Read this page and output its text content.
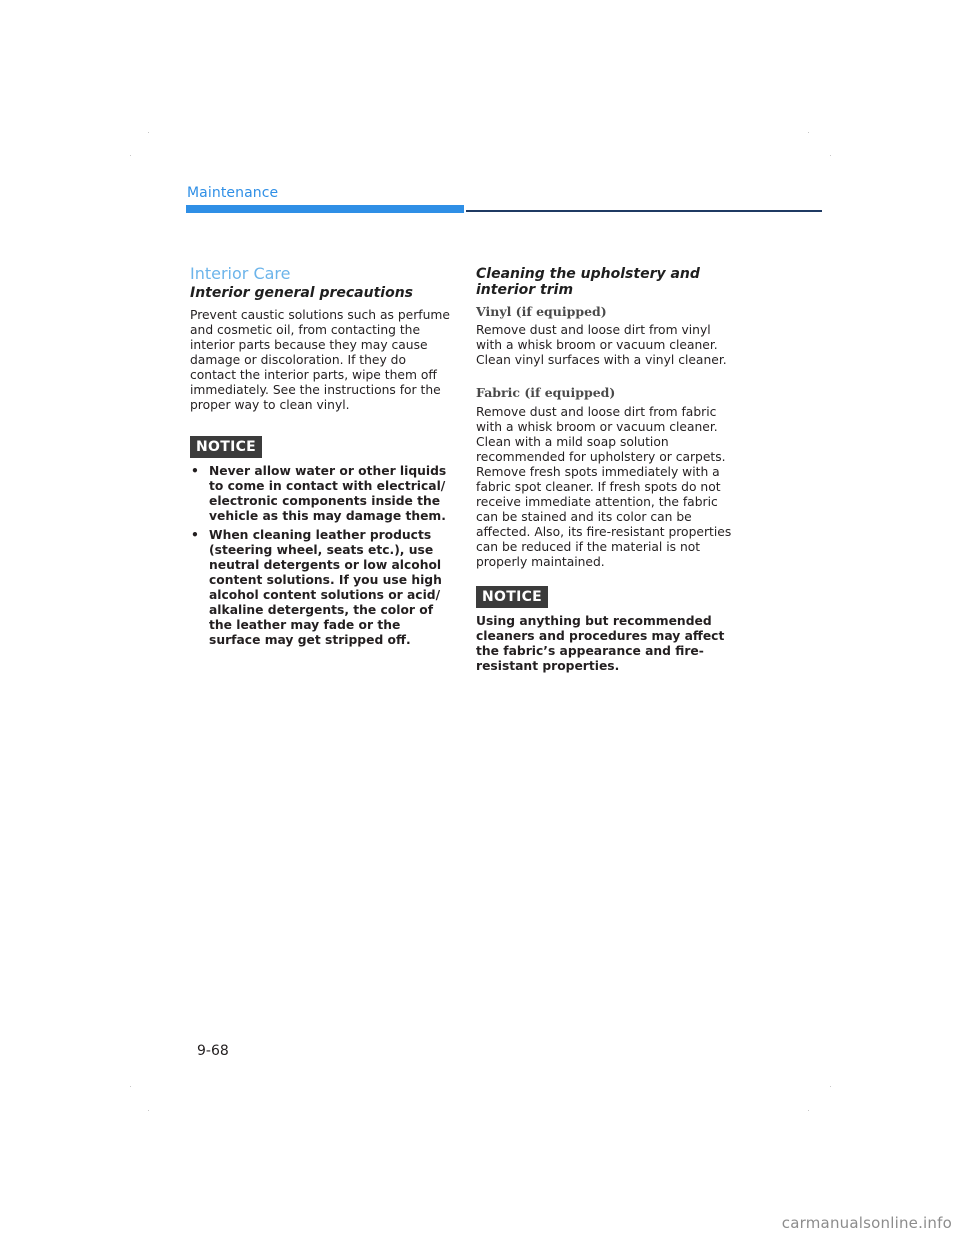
Maintenance
Interior Care
Interior general precautions

Prevent caustic solutions such as perfume and cosmetic oil, from contacting the interior parts because they may cause damage or discoloration. If they do contact the interior parts, wipe them off immediately. See the instructions for the proper way to clean vinyl.

NOTICE
• Never allow water or other liquids to come in contact with electrical/ electronic components inside the vehicle as this may damage them.
• When cleaning leather products (steering wheel, seats etc.), use neutral detergents or low alcohol content solutions. If you use high alcohol content solutions or acid/ alkaline detergents, the color of the leather may fade or the surface may get stripped off.
Cleaning the upholstery and interior trim
Vinyl (if equipped)

Remove dust and loose dirt from vinyl with a whisk broom or vacuum cleaner. Clean vinyl surfaces with a vinyl cleaner.

Fabric (if equipped)

Remove dust and loose dirt from fabric with a whisk broom or vacuum cleaner. Clean with a mild soap solution recommended for upholstery or carpets. Remove fresh spots immediately with a fabric spot cleaner. If fresh spots do not receive immediate attention, the fabric can be stained and its color can be affected. Also, its fire-resistant properties can be reduced if the material is not properly maintained.

NOTICE

Using anything but recommended cleaners and procedures may affect the fabric’s appearance and fire-resistant properties.

9-68
carmanualsonline.info
